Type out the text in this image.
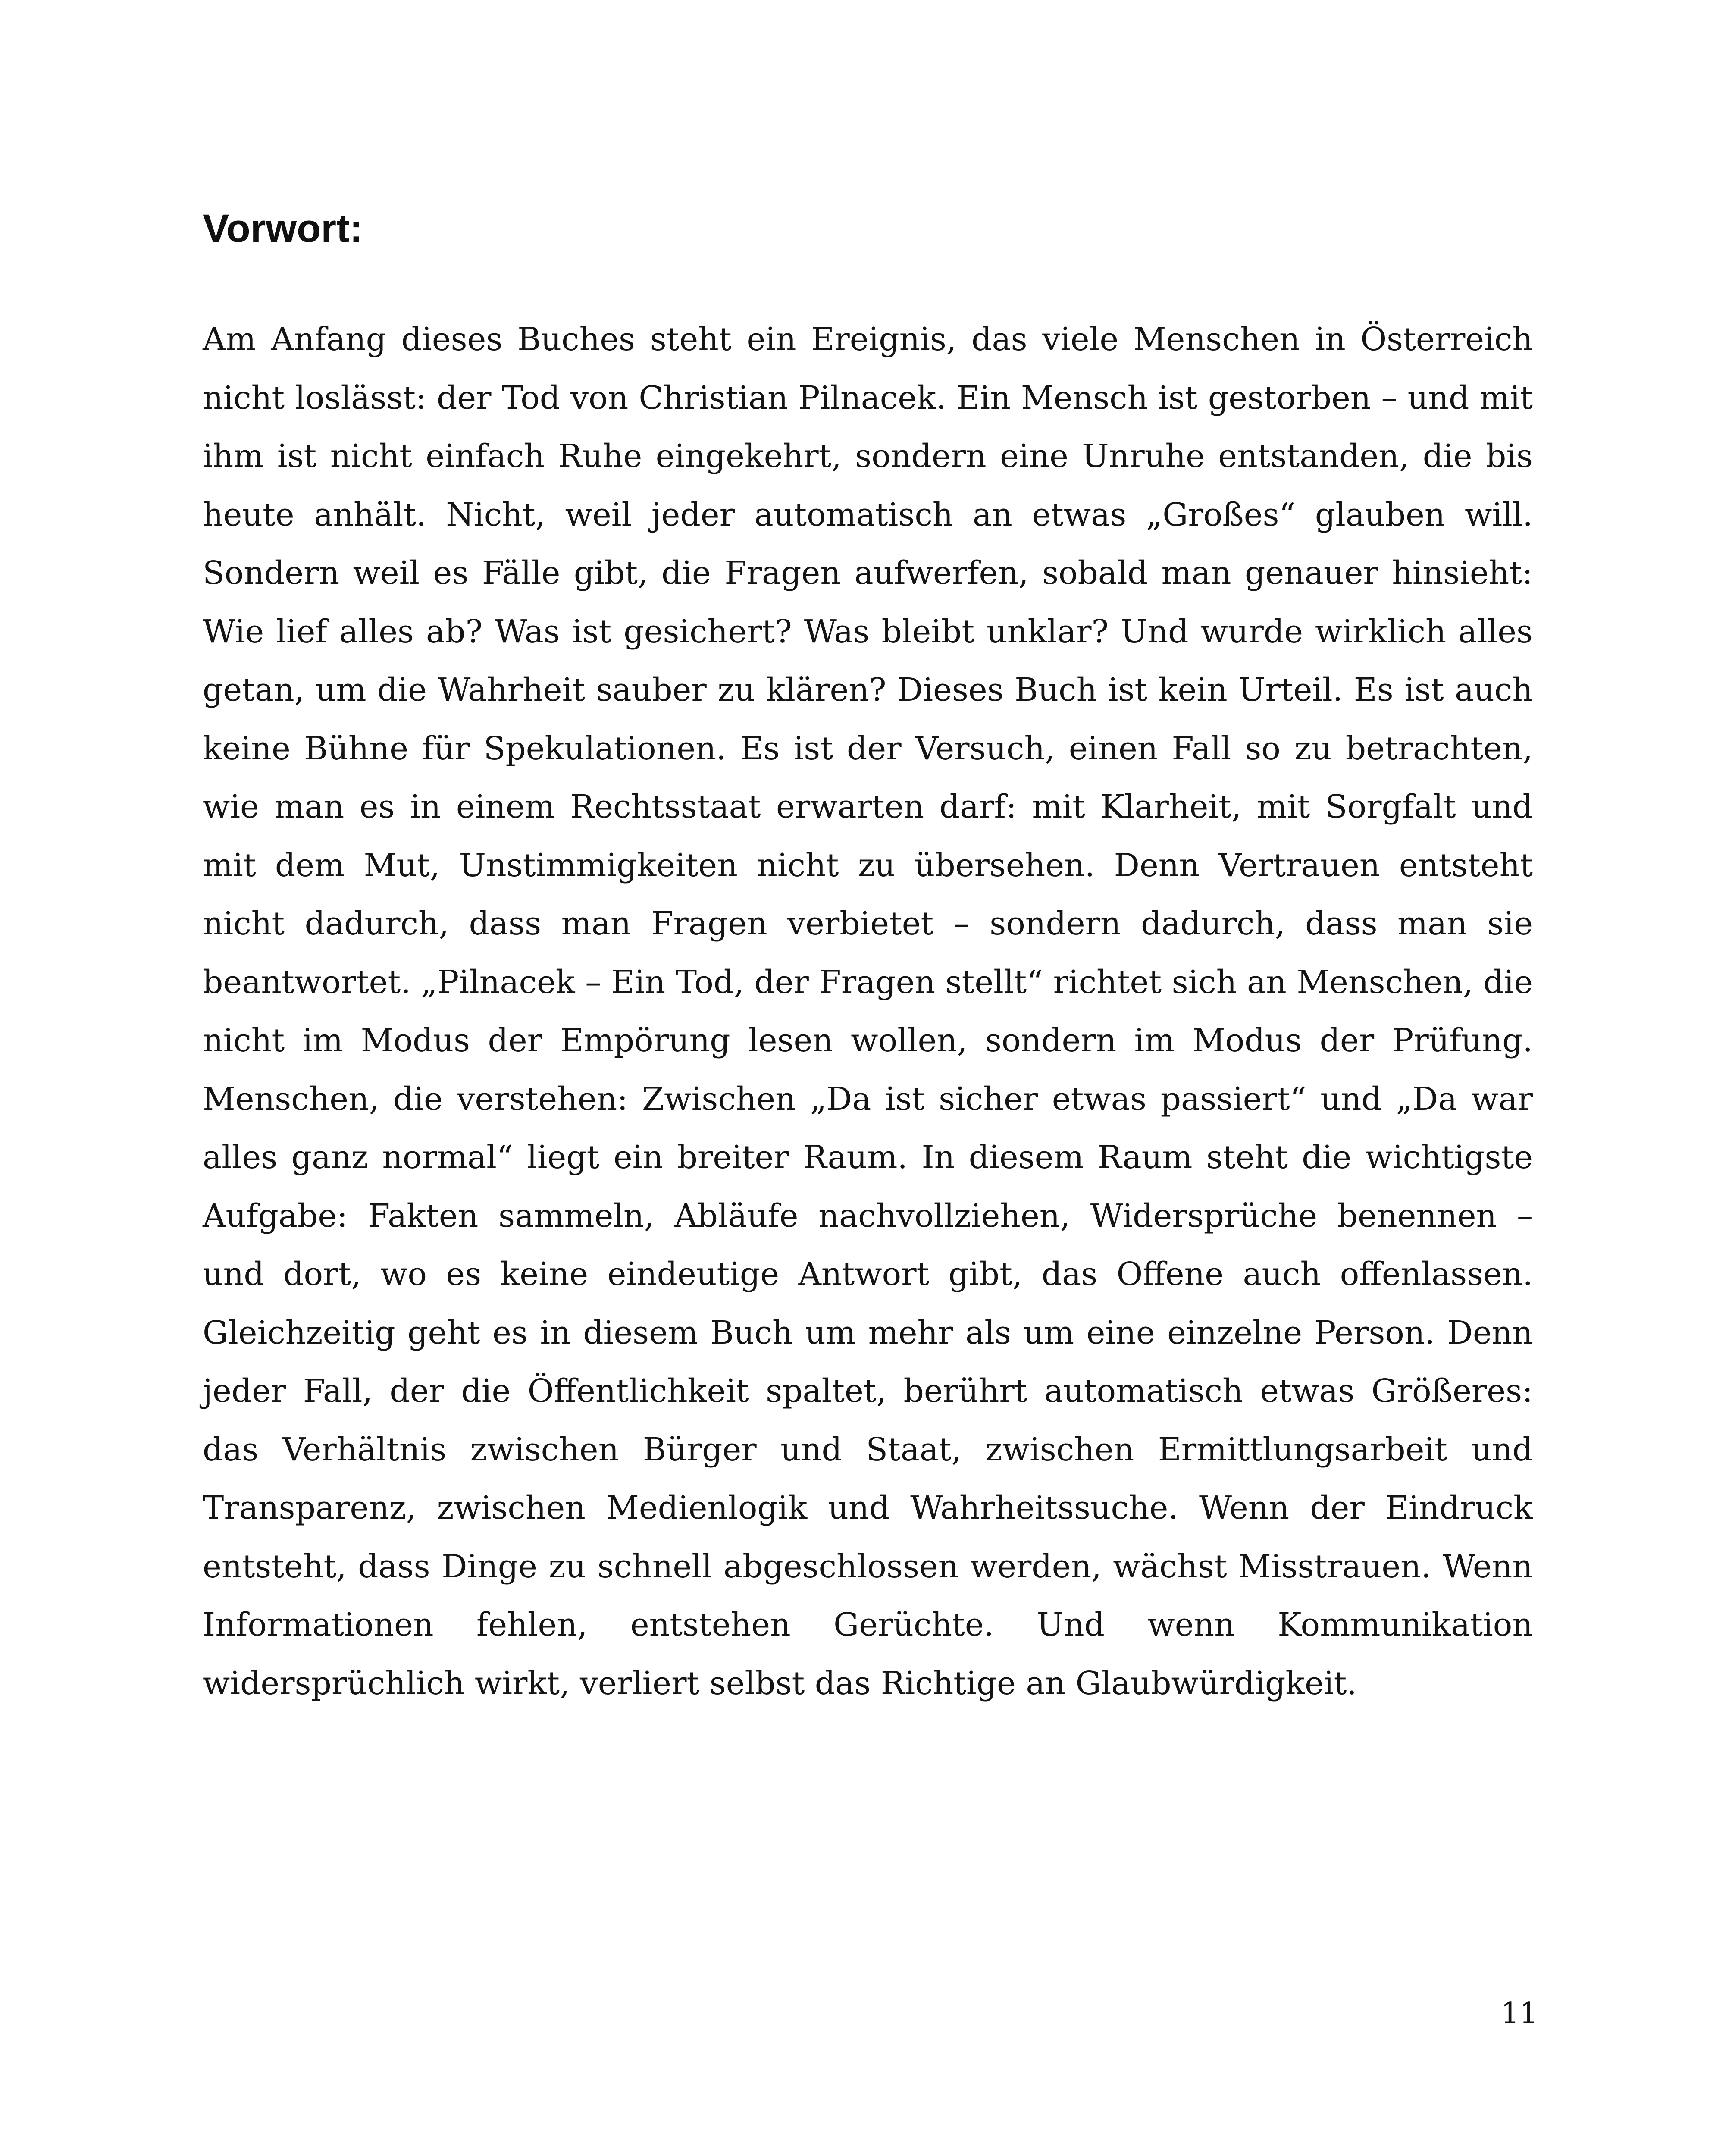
Vorwort:

Am Anfang dieses Buches steht ein Ereignis, das viele Menschen in Österreich nicht loslässt: der Tod von Christian Pilnacek. Ein Mensch ist gestorben – und mit ihm ist nicht einfach Ruhe eingekehrt, sondern eine Unruhe entstanden, die bis heute anhält. Nicht, weil jeder automatisch an etwas „Großes“ glauben will. Sondern weil es Fälle gibt, die Fragen aufwerfen, sobald man genauer hinsieht: Wie lief alles ab? Was ist gesichert? Was bleibt unklar? Und wurde wirklich alles getan, um die Wahrheit sauber zu klären? Dieses Buch ist kein Urteil. Es ist auch keine Bühne für Spekulationen. Es ist der Versuch, einen Fall so zu betrachten, wie man es in einem Rechtsstaat erwarten darf: mit Klarheit, mit Sorgfalt und mit dem Mut, Unstimmigkeiten nicht zu übersehen. Denn Vertrauen entsteht nicht dadurch, dass man Fragen verbietet – sondern dadurch, dass man sie beantwortet. „Pilnacek – Ein Tod, der Fragen stellt“ richtet sich an Menschen, die nicht im Modus der Empörung lesen wollen, sondern im Modus der Prüfung. Menschen, die verstehen: Zwischen „Da ist sicher etwas passiert“ und „Da war alles ganz normal“ liegt ein breiter Raum. In diesem Raum steht die wichtigste Aufgabe: Fakten sammeln, Abläufe nachvollziehen, Widersprüche benennen – und dort, wo es keine eindeutige Antwort gibt, das Offene auch offenlassen. Gleichzeitig geht es in diesem Buch um mehr als um eine einzelne Person. Denn jeder Fall, der die Öffentlichkeit spaltet, berührt automatisch etwas Größeres: das Verhältnis zwischen Bürger und Staat, zwischen Ermittlungsarbeit und Transparenz, zwischen Medienlogik und Wahrheitssuche. Wenn der Eindruck entsteht, dass Dinge zu schnell abgeschlossen werden, wächst Misstrauen. Wenn Informationen fehlen, entstehen Gerüchte. Und wenn Kommunikation widersprüchlich wirkt, verliert selbst das Richtige an Glaubwürdigkeit.

11
